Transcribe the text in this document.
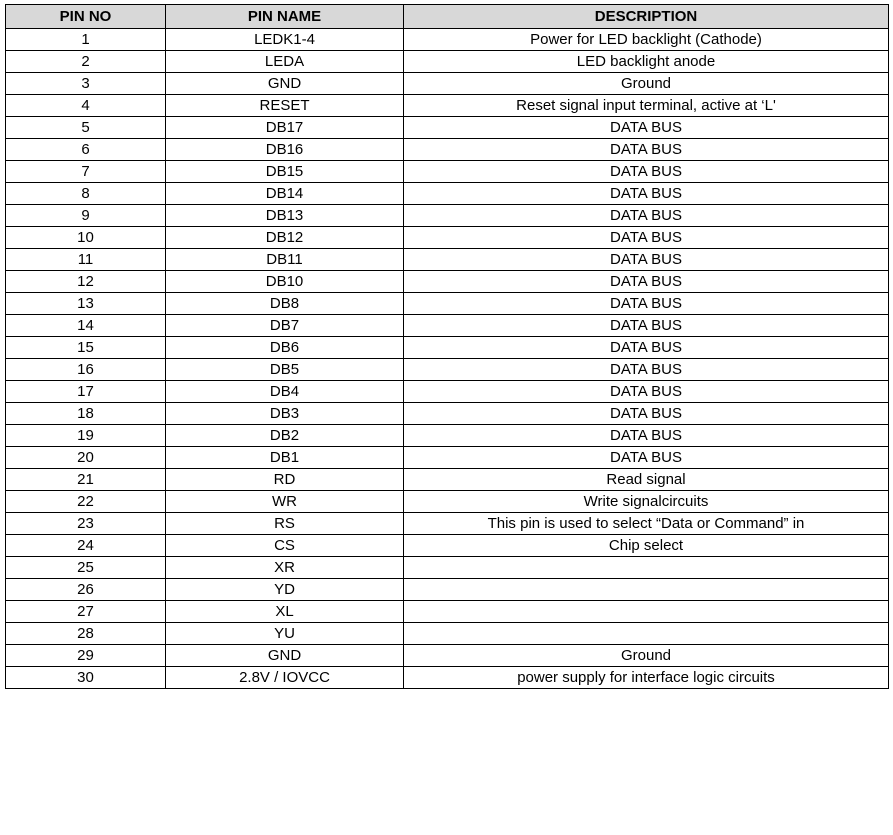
PIN NO	PIN NAME	DESCRIPTION
1	LEDK1-4	Power for LED backlight (Cathode)
2	LEDA	LED backlight anode
3	GND	Ground
4	RESET	Reset signal input terminal, active at ‘L'
5	DB17	DATA BUS
6	DB16	DATA BUS
7	DB15	DATA BUS
8	DB14	DATA BUS
9	DB13	DATA BUS
10	DB12	DATA BUS
11	DB11	DATA BUS
12	DB10	DATA BUS
13	DB8	DATA BUS
14	DB7	DATA BUS
15	DB6	DATA BUS
16	DB5	DATA BUS
17	DB4	DATA BUS
18	DB3	DATA BUS
19	DB2	DATA BUS
20	DB1	DATA BUS
21	RD	Read signal
22	WR	Write signalcircuits
23	RS	This pin is used to select “Data or Command” in
24	CS	Chip select
25	XR	
26	YD	
27	XL	
28	YU	
29	GND	Ground
30	2.8V / IOVCC	power supply for interface logic circuits
